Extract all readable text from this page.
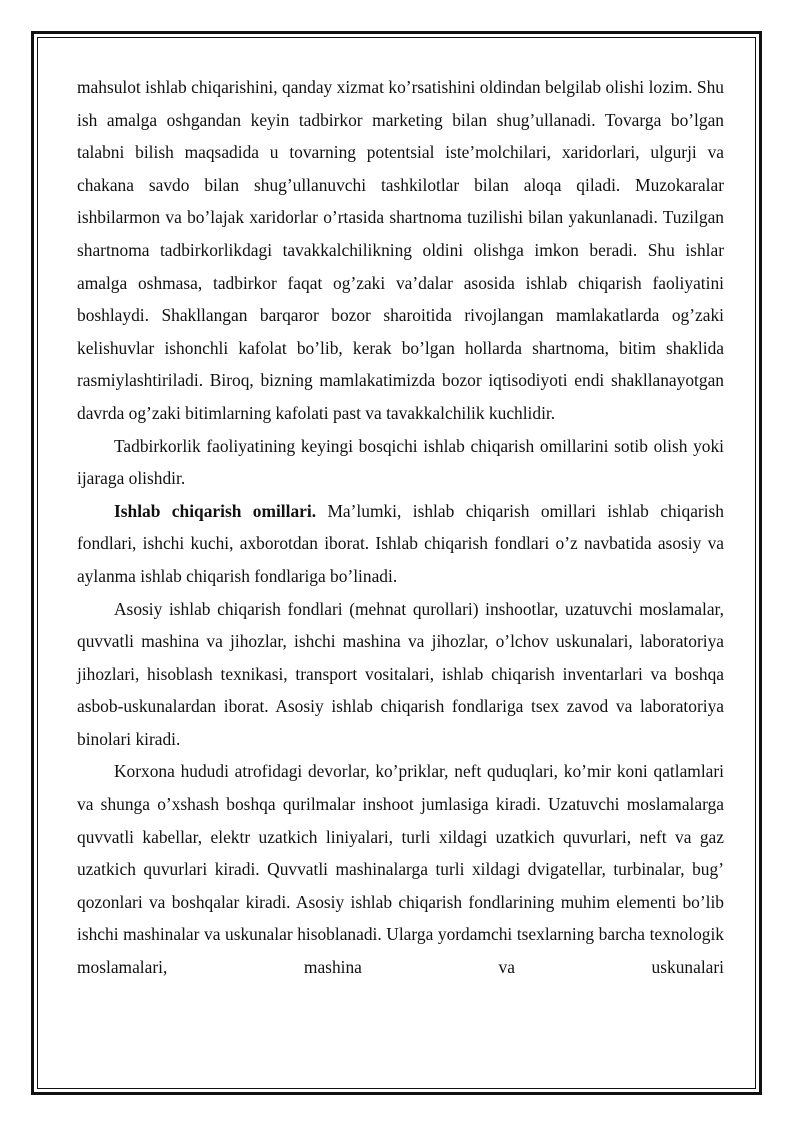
mahsulot ishlab chiqarishini, qanday xizmat ko’rsatishini oldindan belgilab olishi lozim. Shu ish amalga oshgandan keyin tadbirkor marketing bilan shug’ullanadi. Tovarga bo’lgan talabni bilish maqsadida u tovarning potentsial iste’molchilari, xaridorlari, ulgurji va chakana savdo bilan shug’ullanuvchi tashkilotlar bilan aloqa qiladi. Muzokaralar ishbilarmon va bo’lajak xaridorlar o’rtasida shartnoma tuzilishi bilan yakunlanadi. Tuzilgan shartnoma tadbirkorlikdagi tavakkalchilikning oldini olishga imkon beradi. Shu ishlar amalga oshmasa, tadbirkor faqat og’zaki va’dalar asosida ishlab chiqarish faoliyatini boshlaydi. Shakllangan barqaror bozor sharoitida rivojlangan mamlakatlarda og’zaki kelishuvlar ishonchli kafolat bo’lib, kerak bo’lgan hollarda shartnoma, bitim shaklida rasmiylashtiriladi. Biroq, bizning mamlakatimizda bozor iqtisodiyoti endi shakllanayotgan davrda og’zaki bitimlarning kafolati past va tavakkalchilik kuchlidir.

Tadbirkorlik faoliyatining keyingi bosqichi ishlab chiqarish omillarini sotib olish yoki ijaraga olishdir.

Ishlab chiqarish omillari. Ma’lumki, ishlab chiqarish omillari ishlab chiqarish fondlari, ishchi kuchi, axborotdan iborat. Ishlab chiqarish fondlari o’z navbatida asosiy va aylanma ishlab chiqarish fondlariga bo’linadi.

Asosiy ishlab chiqarish fondlari (mehnat qurollari) inshootlar, uzatuvchi moslamalar, quvvatli mashina va jihozlar, ishchi mashina va jihozlar, o’lchov uskunalari, laboratoriya jihozlari, hisoblash texnikasi, transport vositalari, ishlab chiqarish inventarlari va boshqa asbob-uskunalardan iborat. Asosiy ishlab chiqarish fondlariga tsex zavod va laboratoriya binolari kiradi.

Korxona hududi atrofidagi devorlar, ko’priklar, neft quduqlari, ko’mir koni qatlamlari va shunga o’xshash boshqa qurilmalar inshoot jumlasiga kiradi. Uzatuvchi moslamalarga quvvatli kabellar, elektr uzatkich liniyalari, turli xildagi uzatkich quvurlari, neft va gaz uzatkich quvurlari kiradi. Quvvatli mashinalarga turli xildagi dvigatellar, turbinalar, bug’ qozonlari va boshqalar kiradi. Asosiy ishlab chiqarish fondlarining muhim elementi bo’lib ishchi mashinalar va uskunalar hisoblanadi. Ularga yordamchi tsexlarning barcha texnologik moslamalari, mashina va uskunalari
